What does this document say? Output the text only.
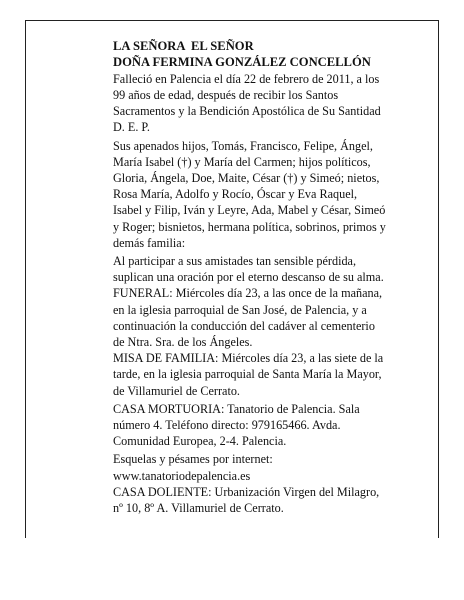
LA SEÑORA  EL SEÑOR

DOÑA FERMINA GONZÁLEZ CONCELLÓN

Falleció en Palencia el día 22 de febrero de 2011, a los

99 años de edad, después de recibir los Santos

Sacramentos y la Bendición Apostólica de Su Santidad

D. E. P.

Sus apenados hijos, Tomás, Francisco, Felipe, Ángel,

María Isabel (†) y María del Carmen; hijos políticos,

Gloria, Ángela, Doe, Maite, César (†) y Simeó; nietos,

Rosa María, Adolfo y Rocío, Óscar y Eva Raquel,

Isabel y Filip, Iván y Leyre, Ada, Mabel y César, Simeó

y Roger; bisnietos, hermana política, sobrinos, primos y

demás familia:

Al participar a sus amistades tan sensible pérdida,

suplican una oración por el eterno descanso de su alma.

FUNERAL: Miércoles día 23, a las once de la mañana,

en la iglesia parroquial de San José, de Palencia, y a

continuación la conducción del cadáver al cementerio

de Ntra. Sra. de los Ángeles.

MISA DE FAMILIA: Miércoles día 23, a las siete de la

tarde, en la iglesia parroquial de Santa María la Mayor,

de Villamuriel de Cerrato.

CASA MORTUORIA: Tanatorio de Palencia. Sala

número 4. Teléfono directo: 979165466. Avda.

Comunidad Europea, 2-4. Palencia.

Esquelas y pésames por internet:

www.tanatoriodepalencia.es

CASA DOLIENTE: Urbanización Virgen del Milagro,

nº 10, 8º A. Villamuriel de Cerrato.
